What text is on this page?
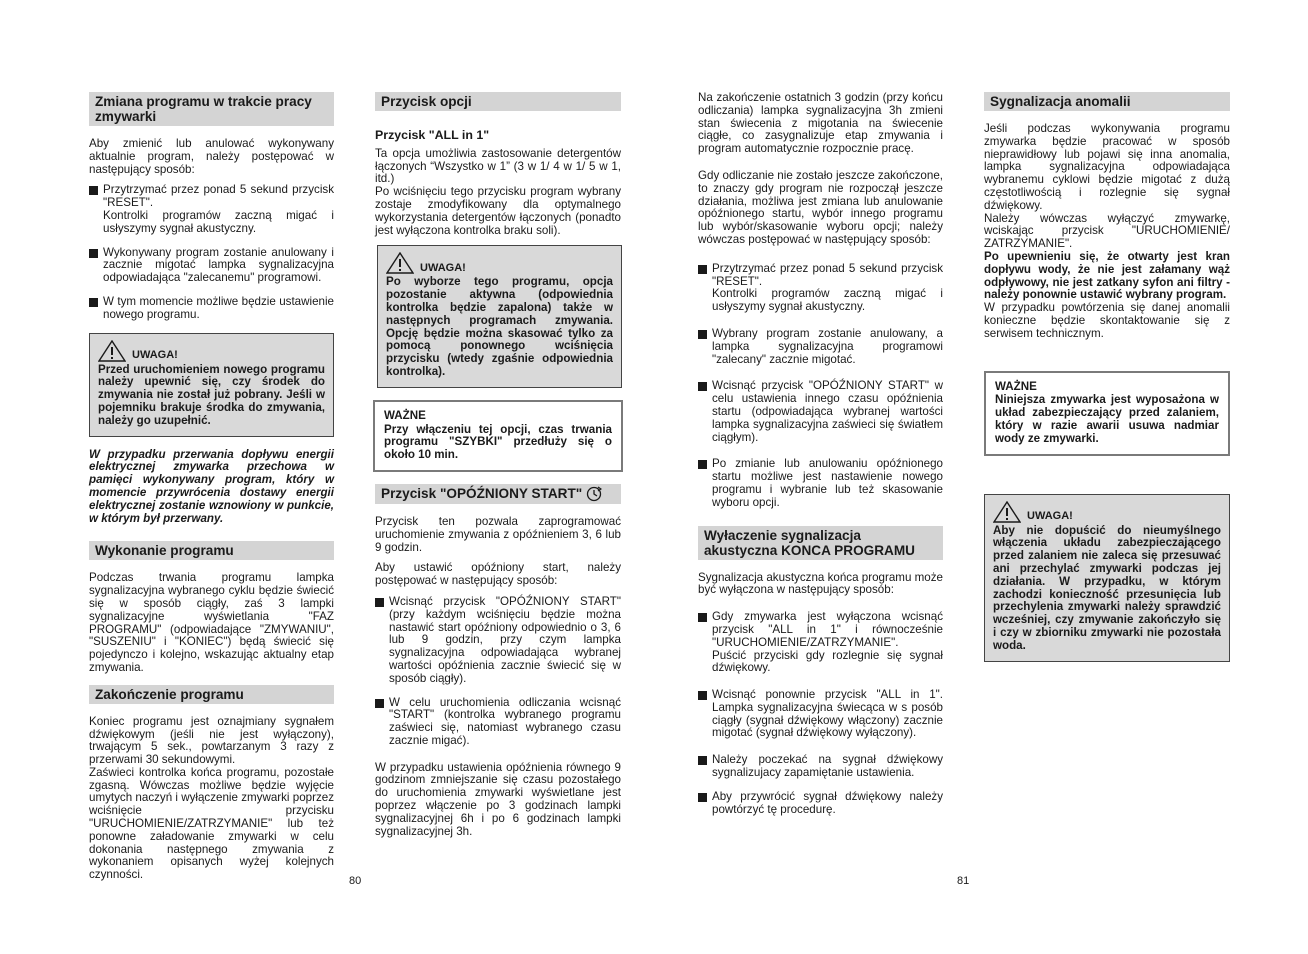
Zmiana programu w trakcie pracy zmywarki

Aby zmienić lub anulować wykonywany aktualnie program, należy postępować w następujący sposób:

Przytrzymać przez ponad 5 sekund przycisk "RESET".
Kontrolki programów zaczną migać i usłyszymy sygnał akustyczny.
Wykonywany program zostanie anulowany i zacznie migotać lampka sygnalizacyjna odpowiadająca "zalecanemu" programowi.
W tym momencie możliwe będzie ustawienie nowego programu.
UWAGA!
Przed uruchomieniem nowego programu należy upewnić się, czy środek do zmywania nie został już pobrany. Jeśli w pojemniku brakuje środka do zmywania, należy go uzupełnić.
W przypadku przerwania dopływu energii elektrycznej zmywarka przechowa w pamięci wykonywany program, który w momencie przywrócenia dostawy energii elektrycznej zostanie wznowiony w punkcie, w którym był przerwany.
Wykonanie programu

Podczas trwania programu lampka sygnalizacyjna wybranego cyklu będzie świecić się w sposób ciągły, zaś 3 lampki sygnalizacyjne wyświetlania "FAZ PROGRAMU" (odpowiadające "ZMYWANIU", "SUSZENIU" i "KONIEC") będą świecić się pojedynczo i kolejno, wskazując aktualny etap zmywania.

Zakończenie programu

Koniec programu jest oznajmiany sygnałem dźwiękowym (jeśli nie jest wyłączony), trwającym 5 sek., powtarzanym 3 razy z przerwami 30 sekundowymi.

Zaświeci kontrolka końca programu, pozostałe zgasną. Wówczas możliwe będzie wyjęcie umytych naczyń i wyłączenie zmywarki poprzez wciśnięcie przycisku "URUCHOMIENIE/ZATRZYMANIE" lub też ponowne załadowanie zmywarki w celu dokonania następnego zmywania z wykonaniem opisanych wyżej kolejnych czynności.	80
Przycisk opcji
Przycisk "ALL in 1"

Ta opcja umożliwia zastosowanie detergentów łączonych “Wszystko w 1” (3 w 1/ 4 w 1/ 5 w 1, itd.)

Po wciśnięciu tego przycisku program wybrany zostaje zmodyfikowany dla optymalnego wykorzystania detergentów łączonych (ponadto jest wyłączona kontrolka braku soli).

UWAGA!
Po wyborze tego programu, opcja pozostanie aktywna (odpowiednia kontrolka będzie zapalona) także w następnych programach zmywania. Opcję będzie można skasować tylko za pomocą ponownego wciśnięcia przycisku (wtedy zgaśnie odpowiednia kontrolka).
WAŻNE
Przy włączeniu tej opcji, czas trwania programu "SZYBKI" przedłuży się o około 10 min.
Przycisk "OPÓŹNIONY START"

Przycisk ten pozwala zaprogramować uruchomienie zmywania z opóźnieniem 3, 6 lub 9 godzin.

Aby ustawić opóźniony start, należy postępować w następujący sposób:

Wcisnąć przycisk "OPÓŹNIONY START" (przy każdym wciśnięciu będzie można nastawić start opóźniony odpowiednio o 3, 6 lub 9 godzin, przy czym lampka sygnalizacyjna odpowiadająca wybranej wartości opóźnienia zacznie świecić się w sposób ciągły).
W celu uruchomienia odliczania wcisnąć "START" (kontrolka wybranego programu zaświeci się, natomiast wybranego czasu zacznie migać).

W przypadku ustawienia opóźnienia równego 9 godzinom zmniejszanie się czasu pozostałego do uruchomienia zmywarki wyświetlane jest poprzez włączenie po 3 godzinach lampki sygnalizacyjnej 6h i po 6 godzinach lampki sygnalizacyjnej 3h.

Na zakończenie ostatnich 3 godzin (przy końcu odliczania) lampka sygnalizacyjna 3h zmieni stan świecenia z migotania na świecenie ciągłe, co zasygnalizuje etap zmywania i program automatycznie rozpocznie pracę.

Gdy odliczanie nie zostało jeszcze zakończone, to znaczy gdy program nie rozpoczął jeszcze działania, możliwa jest zmiana lub anulowanie opóźnionego startu, wybór innego programu lub wybór/skasowanie wyboru opcji; należy wówczas postępować w następujący sposób:

Przytrzymać przez ponad 5 sekund przycisk "RESET".
Kontrolki programów zaczną migać i usłyszymy sygnał akustyczny.
Wybrany program zostanie anulowany, a lampka sygnalizacyjna programowi "zalecany" zacznie migotać.
Wcisnąć przycisk "OPÓŹNIONY START" w celu ustawienia innego czasu opóźnienia startu (odpowiadająca wybranej wartości lampka sygnalizacyjna zaświeci się światłem ciągłym).
Po zmianie lub anulowaniu opóźnionego startu możliwe jest nastawienie nowego programu i wybranie lub też skasowanie wyboru opcji.
Wyłaczenie sygnalizacja akustyczna KONCA PROGRAMU

Sygnalizacja akustyczna końca programu może być wyłączona w następujący sposób:

Gdy zmywarka jest wyłączona wcisnąć przycisk "ALL in 1" i równocześnie "URUCHOMIENIE/ZATRZYMANIE".
Puścić przyciski gdy rozlegnie się sygnał dźwiękowy.
Wcisnąć ponownie przycisk "ALL in 1". Lampka sygnalizacyjna świecąca w s posób ciągły (sygnał dźwiękowy włączony) zacznie migotać (sygnał dźwiękowy wyłączony).
Należy poczekać na sygnał dźwiękowy sygnalizujacy zapamiętanie ustawienia.
Aby przywrócić sygnał dźwiękowy należy powtórzyć tę procedurę.
81
Sygnalizacja anomalii

Jeśli podczas wykonywania programu zmywarka będzie pracować w sposób nieprawidłowy lub pojawi się inna anomalia, lampka sygnalizacyjna odpowiadająca wybranemu cyklowi będzie migotać z dużą częstotliwością i rozlegnie się sygnał dźwiękowy.

Należy wówczas wyłączyć zmywarkę, wciskając przycisk "URUCHOMIENIE/ ZATRZYMANIE".

Po upewnieniu się, że otwarty jest kran dopływu wody, że nie jest załamany wąż odpływowy, nie jest zatkany syfon ani filtry - należy ponownie ustawić wybrany program.

W przypadku powtórzenia się danej anomalii konieczne będzie skontaktowanie się z serwisem technicznym.

WAŻNE
Niniejsza zmywarka jest wyposażona w układ zabezpieczający przed zalaniem, który w razie awarii usuwa nadmiar wody ze zmywarki.
UWAGA!
Aby nie dopuścić do nieumyślnego włączenia układu zabezpieczającego przed zalaniem nie zaleca się przesuwać ani przechylać zmywarki podczas jej działania. W przypadku, w którym zachodzi konieczność przesunięcia lub przechylenia zmywarki należy sprawdzić wcześniej, czy zmywanie zakończyło się i czy w zbiorniku zmywarki nie pozostała woda.
